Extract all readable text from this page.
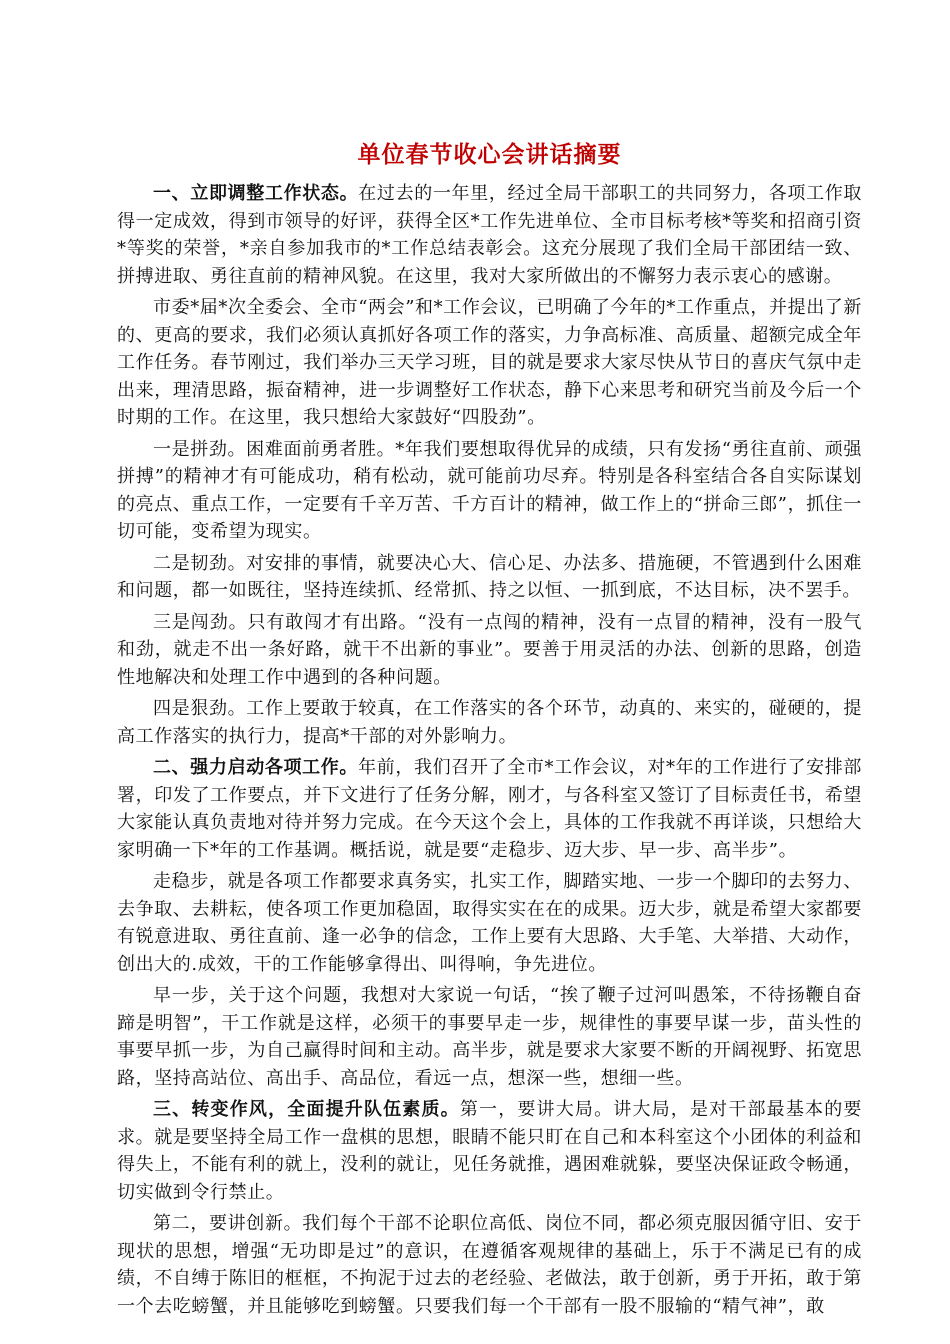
单位春节收心会讲话摘要

一、立即调整工作状态。在过去的一年里，经过全局干部职工的共同努力，各项工作取得一定成效，得到市领导的好评，获得全区*工作先进单位、全市目标考核*等奖和招商引资*等奖的荣誉，*亲自参加我市的*工作总结表彰会。这充分展现了我们全局干部团结一致、拼搏进取、勇往直前的精神风貌。在这里，我对大家所做出的不懈努力表示衷心的感谢。

市委*届*次全委会、全市“两会”和*工作会议，已明确了今年的*工作重点，并提出了新的、更高的要求，我们必须认真抓好各项工作的落实，力争高标准、高质量、超额完成全年工作任务。春节刚过，我们举办三天学习班，目的就是要求大家尽快从节日的喜庆气氛中走出来，理清思路，振奋精神，进一步调整好工作状态，静下心来思考和研究当前及今后一个时期的工作。在这里，我只想给大家鼓好“四股劲”。

一是拼劲。困难面前勇者胜。*年我们要想取得优异的成绩，只有发扬“勇往直前、顽强拼搏”的精神才有可能成功，稍有松动，就可能前功尽弃。特别是各科室结合各自实际谋划的亮点、重点工作，一定要有千辛万苦、千方百计的精神，做工作上的“拼命三郎”，抓住一切可能，变希望为现实。

二是韧劲。对安排的事情，就要决心大、信心足、办法多、措施硬，不管遇到什么困难和问题，都一如既往，坚持连续抓、经常抓、持之以恒、一抓到底，不达目标，决不罢手。

三是闯劲。只有敢闯才有出路。“没有一点闯的精神，没有一点冒的精神，没有一股气和劲，就走不出一条好路，就干不出新的事业”。要善于用灵活的办法、创新的思路，创造性地解决和处理工作中遇到的各种问题。

四是狠劲。工作上要敢于较真，在工作落实的各个环节，动真的、来实的，碰硬的，提高工作落实的执行力，提高*干部的对外影响力。

二、强力启动各项工作。年前，我们召开了全市*工作会议，对*年的工作进行了安排部署，印发了工作要点，并下文进行了任务分解，刚才，与各科室又签订了目标责任书，希望大家能认真负责地对待并努力完成。在今天这个会上，具体的工作我就不再详谈，只想给大家明确一下*年的工作基调。概括说，就是要“走稳步、迈大步、早一步、高半步”。

走稳步，就是各项工作都要求真务实，扎实工作，脚踏实地、一步一个脚印的去努力、去争取、去耕耘，使各项工作更加稳固，取得实实在在的成果。迈大步，就是希望大家都要有锐意进取、勇往直前、逢一必争的信念，工作上要有大思路、大手笔、大举措、大动作，创出大的.成效，干的工作能够拿得出、叫得响，争先进位。

早一步，关于这个问题，我想对大家说一句话，“挨了鞭子过河叫愚笨，不待扬鞭自奋蹄是明智”，干工作就是这样，必须干的事要早走一步，规律性的事要早谋一步，苗头性的事要早抓一步，为自己赢得时间和主动。高半步，就是要求大家要不断的开阔视野、拓宽思路，坚持高站位、高出手、高品位，看远一点，想深一些，想细一些。

三、转变作风，全面提升队伍素质。第一，要讲大局。讲大局，是对干部最基本的要求。就是要坚持全局工作一盘棋的思想，眼睛不能只盯在自己和本科室这个小团体的利益和得失上，不能有利的就上，没利的就让，见任务就推，遇困难就躲，要坚决保证政令畅通，切实做到令行禁止。

第二，要讲创新。我们每个干部不论职位高低、岗位不同，都必须克服因循守旧、安于现状的思想，增强“无功即是过”的意识，在遵循客观规律的基础上，乐于不满足已有的成绩，不自缚于陈旧的框框，不拘泥于过去的老经验、老做法，敢于创新，勇于开拓，敢于第一个去吃螃蟹，并且能够吃到螃蟹。只要我们每一个干部有一股不服输的“精气神”，敢
